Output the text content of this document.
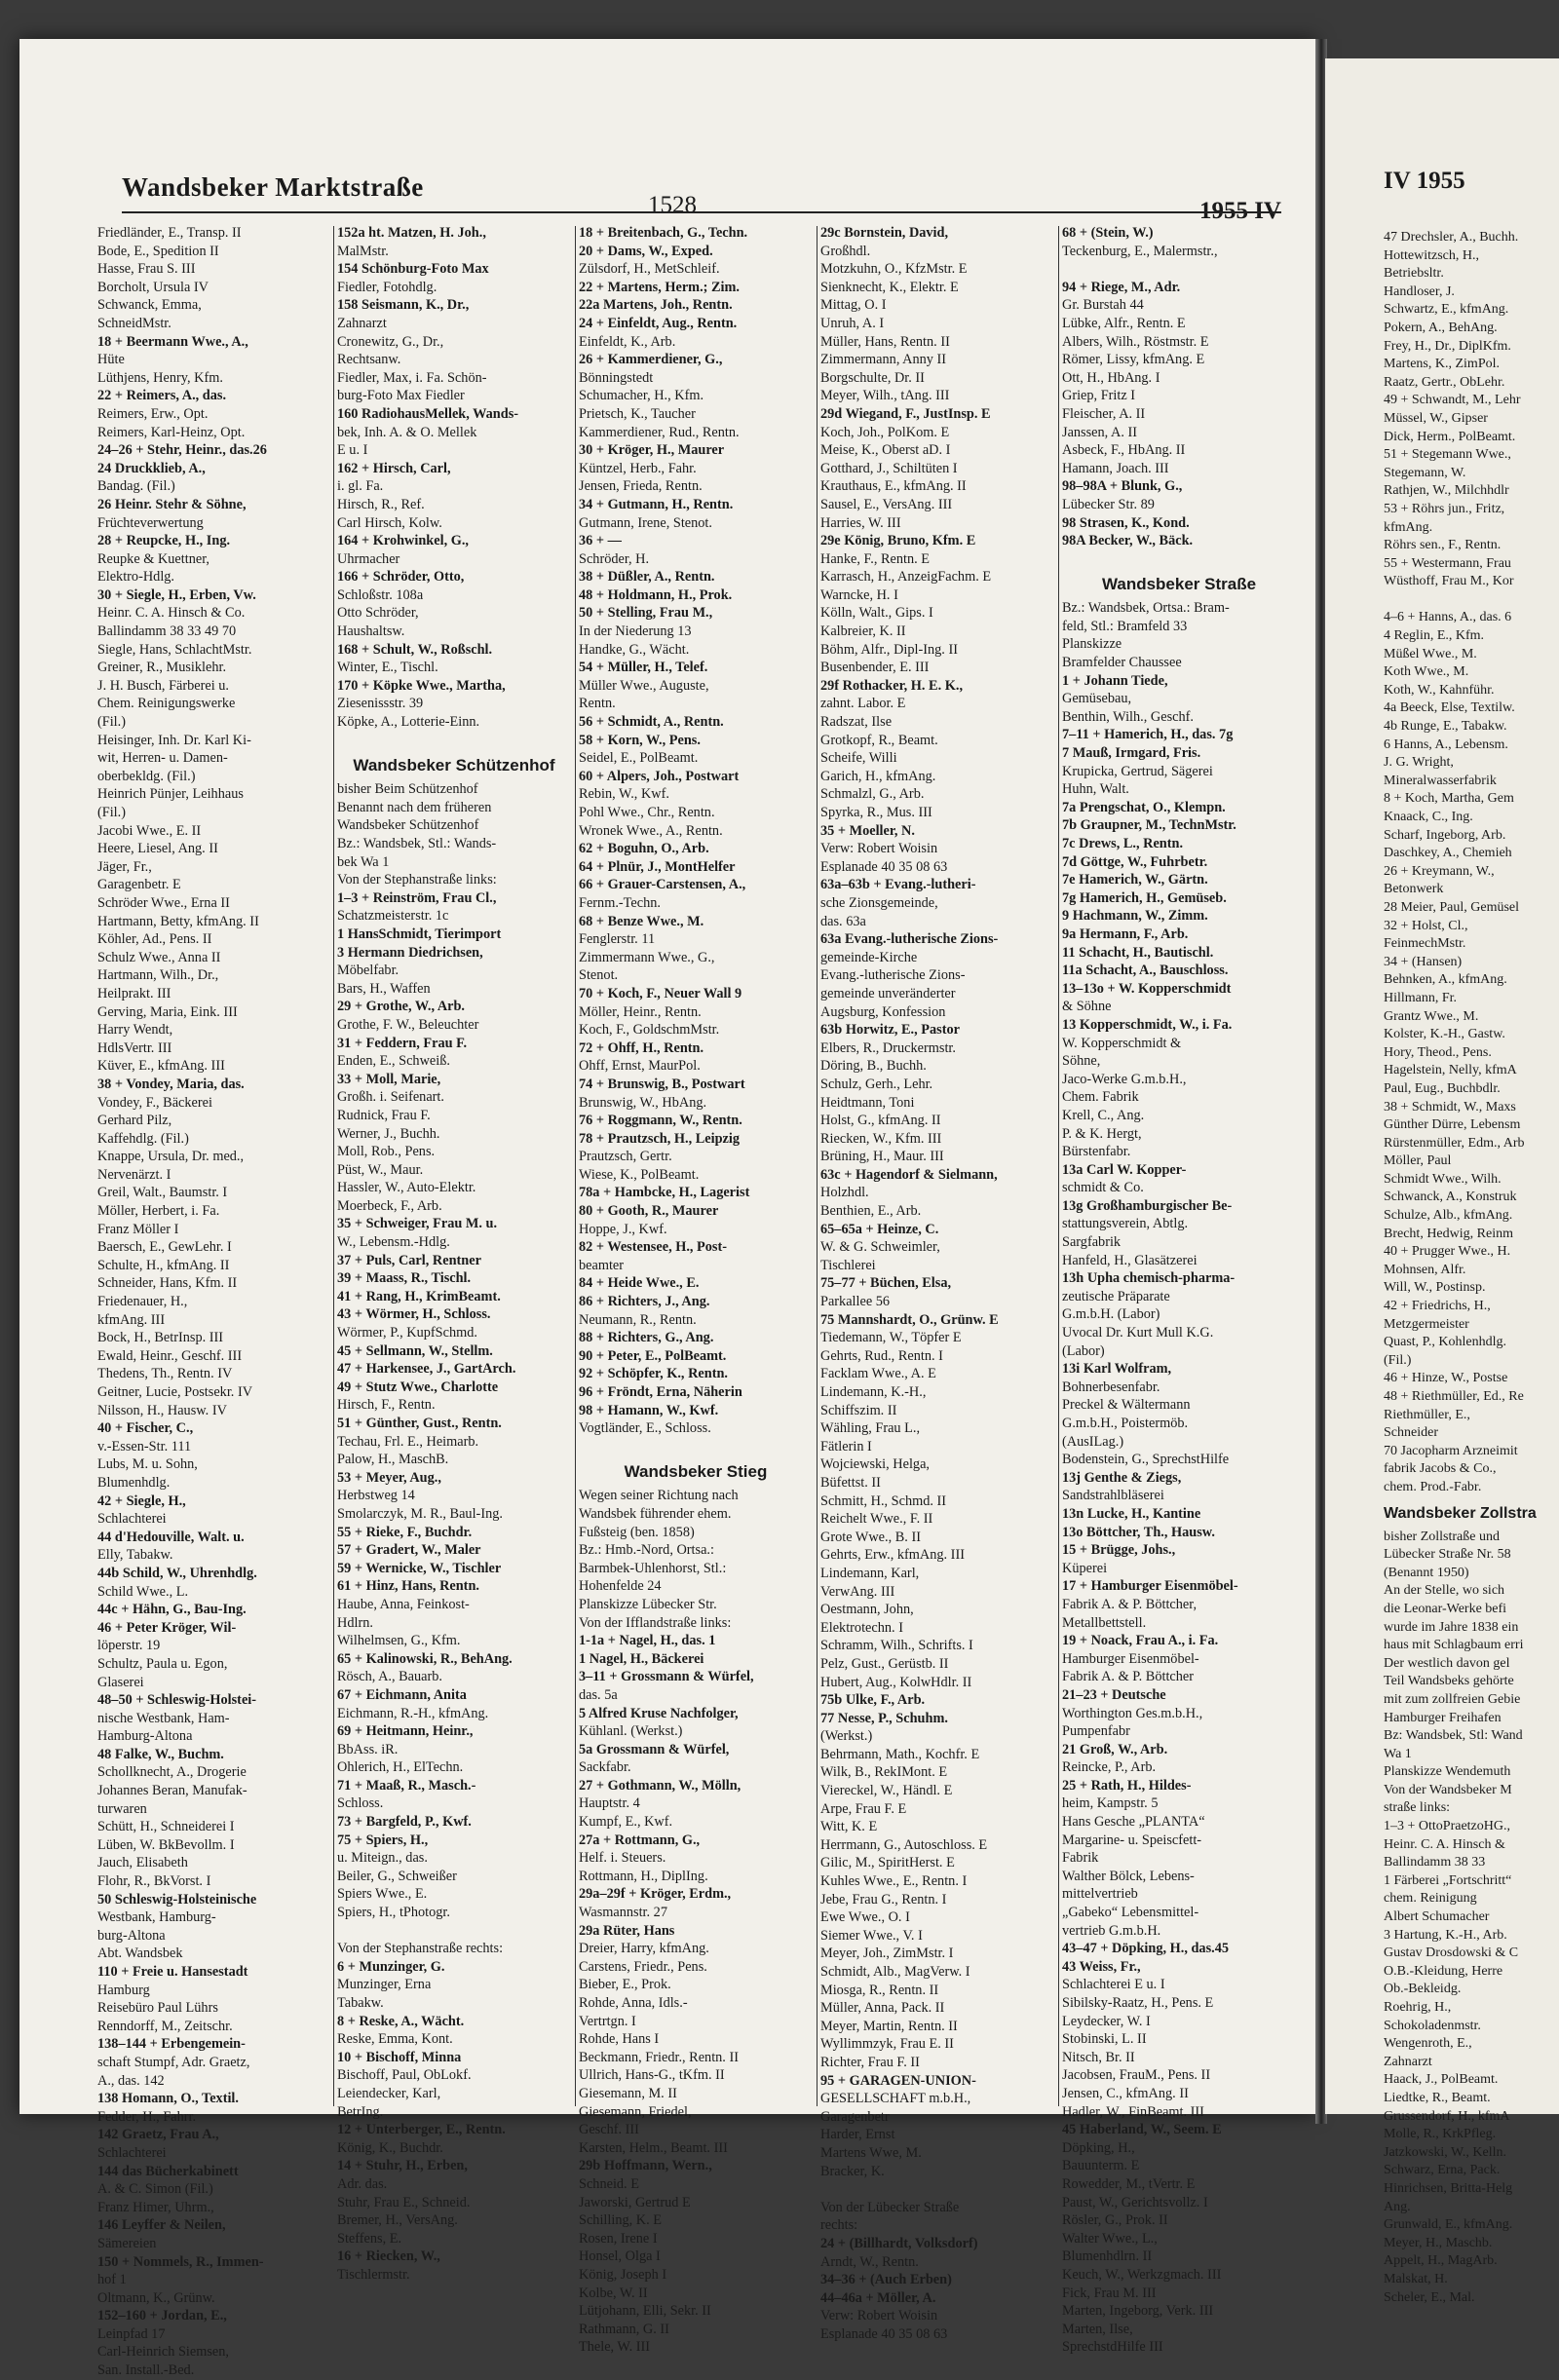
Wandsbeker Marktstraße
1528	1955 IV
Friedländer, E., Transp. II
Bode, E., Spedition II
Hasse, Frau S. III
Borcholt, Ursula IV
Schwanck, Emma,
SchneidMstr.
18 + Beermann Wwe., A.,
Hüte
Lüthjens, Henry, Kfm.
22 + Reimers, A., das.
Reimers, Erw., Opt.
Reimers, Karl-Heinz, Opt.
24–26 + Stehr, Heinr., das.26
24 Druckklieb, A.,
Bandag. (Fil.)
26 Heinr. Stehr & Söhne,
Früchteverwertung
28 + Reupcke, H., Ing.
Reupke & Kuettner,
Elektro-Hdlg.
30 + Siegle, H., Erben, Vw.
Heinr. C. A. Hinsch & Co.
Ballindamm 38 33 49 70
Siegle, Hans, SchlachtMstr.
Greiner, R., Musiklehr.
J. H. Busch, Färberei u.
Chem. Reinigungswerke
(Fil.)
Heisinger, Inh. Dr. Karl Ki-
wit, Herren- u. Damen-
oberbekldg. (Fil.)
Heinrich Pünjer, Leihhaus
(Fil.)
Jacobi Wwe., E. II
Heere, Liesel, Ang. II
Jäger, Fr.,
Garagenbetr. E
Schröder Wwe., Erna II
Hartmann, Betty, kfmAng. II
Köhler, Ad., Pens. II
Schulz Wwe., Anna II
Hartmann, Wilh., Dr.,
Heilprakt. III
Gerving, Maria, Eink. III
Harry Wendt,
HdlsVertr. III
Küver, E., kfmAng. III
38 + Vondey, Maria, das.
Vondey, F., Bäckerei
Gerhard Pilz,
Kaffehdlg. (Fil.)
Knappe, Ursula, Dr. med.,
Nervenärzt. I
Greil, Walt., Baumstr. I
Möller, Herbert, i. Fa.
Franz Möller I
Baersch, E., GewLehr. I
Schulte, H., kfmAng. II
Schneider, Hans, Kfm. II
Friedenauer, H.,
kfmAng. III
Bock, H., BetrInsp. III
Ewald, Heinr., Geschf. III
Thedens, Th., Rentn. IV
Geitner, Lucie, Postsekr. IV
Nilsson, H., Hausw. IV
40 + Fischer, C.,
v.-Essen-Str. 111
Lubs, M. u. Sohn,
Blumenhdlg.
42 + Siegle, H.,
Schlachterei
44 d'Hedouville, Walt. u.
Elly, Tabakw.
44b Schild, W., Uhrenhdlg.
Schild Wwe., L.
44c + Hähn, G., Bau-Ing.
46 + Peter Kröger, Wil-
löperstr. 19
Schultz, Paula u. Egon,
Glaserei
48–50 + Schleswig-Holstei-
nische Westbank, Ham-
Hamburg-Altona
48 Falke, W., Buchm.
Schollknecht, A., Drogerie
Johannes Beran, Manufak-
turwaren
Schütt, H., Schneiderei I
Lüben, W. BkBevollm. I
Jauch, Elisabeth
Flohr, R., BkVorst. I
50 Schleswig-Holsteinische
Westbank, Hamburg-
burg-Altona
Abt. Wandsbek
110 + Freie u. Hansestadt
Hamburg
Reisebüro Paul Lührs
Renndorff, M., Zeitschr.
138–144 + Erbengemein-
schaft Stumpf, Adr. Graetz,
A., das. 142
138 Homann, O., Textil.
Fedder, H., Fahrr.
142 Graetz, Frau A.,
Schlachterei
144 das Bücherkabinett
A. & C. Simon (Fil.)
Franz Himer, Uhrm.,
146 Leyffer & Neilen,
Sämereien
150 + Nommels, R., Immen-
hof 1
Oltmann, K., Grünw.
152–160 + Jordan, E.,
Leinpfad 17
Carl-Heinrich Siemsen,
San. Install.-Bed.
152a ht. Matzen, H. Joh.,
MalMstr.
154 Schönburg-Foto Max
Fiedler, Fotohdlg.
158 Seismann, K., Dr.,
Zahnarzt
Cronewitz, G., Dr.,
Rechtsanw.
Fiedler, Max, i. Fa. Schön-
burg-Foto Max Fiedler
160 RadiohausMellek, Wands-
bek, Inh. A. & O. Mellek
E u. I
162 + Hirsch, Carl,
i. gl. Fa.
Hirsch, R., Ref.
Carl Hirsch, Kolw.
164 + Krohwinkel, G.,
Uhrmacher
166 + Schröder, Otto,
Schloßstr. 108a
Otto Schröder,
Haushaltsw.
168 + Schult, W., Roßschl.
Winter, E., Tischl.
170 + Köpke Wwe., Martha,
Ziesenissstr. 39
Köpke, A., Lotterie-Einn.
Wandsbeker Schützenhof
bisher Beim Schützenhof
Benannt nach dem früheren
Wandsbeker Schützenhof
Bz.: Wandsbek, Stl.: Wands-
bek Wa 1
Von der Stephanstraße links:
1–3 + Reinström, Frau Cl.,
Schatzmeisterstr. 1c
1 HansSchmidt, Tierimport
3 Hermann Diedrichsen,
Möbelfabr.
Bars, H., Waffen
29 + Grothe, W., Arb.
Grothe, F. W., Beleuchter
31 + Feddern, Frau F.
Enden, E., Schweiß.
33 + Moll, Marie,
Großh. i. Seifenart.
Rudnick, Frau F.
Werner, J., Buchh.
Moll, Rob., Pens.
Püst, W., Maur.
Hassler, W., Auto-Elektr.
Moerbeck, F., Arb.
35 + Schweiger, Frau M. u.
W., Lebensm.-Hdlg.
37 + Puls, Carl, Rentner
39 + Maass, R., Tischl.
41 + Rang, H., KrimBeamt.
43 + Wörmer, H., Schloss.
Wörmer, P., KupfSchmd.
45 + Sellmann, W., Stellm.
47 + Harkensee, J., GartArch.
49 + Stutz Wwe., Charlotte
Hirsch, F., Rentn.
51 + Günther, Gust., Rentn.
Techau, Frl. E., Heimarb.
Palow, H., MaschB.
53 + Meyer, Aug.,
Herbstweg 14
Smolarczyk, M. R., Baul-Ing.
55 + Rieke, F., Buchdr.
57 + Gradert, W., Maler
59 + Wernicke, W., Tischler
61 + Hinz, Hans, Rentn.
Haube, Anna, Feinkost-
Hdlrn.
Wilhelmsen, G., Kfm.
65 + Kalinowski, R., BehAng.
Rösch, A., Bauarb.
67 + Eichmann, Anita
Eichmann, R.-H., kfmAng.
69 + Heitmann, Heinr.,
BbAss. iR.
Ohlerich, H., ElTechn.
71 + Maaß, R., Masch.-
Schloss.
73 + Bargfeld, P., Kwf.
75 + Spiers, H.,
u. Miteign., das.
Beiler, G., Schweißer
Spiers Wwe., E.
Spiers, H., tPhotogr.
Von der Stephanstraße rechts:
6 + Munzinger, G.
Munzinger, Erna
Tabakw.
8 + Reske, A., Wächt.
Reske, Emma, Kont.
10 + Bischoff, Minna
Bischoff, Paul, ObLokf.
Leiendecker, Karl,
BetrIng.
12 + Unterberger, E., Rentn.
König, K., Buchdr.
14 + Stuhr, H., Erben,
Adr. das.
Stuhr, Frau E., Schneid.
Bremer, H., VersAng.
Steffens, E.
16 + Riecken, W.,
Tischlermstr.
18 + Breitenbach, G., Techn.
20 + Dams, W., Exped.
Zülsdorf, H., MetSchleif.
22 + Martens, Herm.; Zim.
22a Martens, Joh., Rentn.
24 + Einfeldt, Aug., Rentn.
Einfeldt, K., Arb.
26 + Kammerdiener, G.,
Bönningstedt
Schumacher, H., Kfm.
Prietsch, K., Taucher
Kammerdiener, Rud., Rentn.
30 + Kröger, H., Maurer
Küntzel, Herb., Fahr.
Jensen, Frieda, Rentn.
34 + Gutmann, H., Rentn.
Gutmann, Irene, Stenot.
36 + —
Schröder, H.
38 + Düßler, A., Rentn.
48 + Holdmann, H., Prok.
50 + Stelling, Frau M.,
In der Niederung 13
Handke, G., Wächt.
54 + Müller, H., Telef.
Müller Wwe., Auguste,
Rentn.
56 + Schmidt, A., Rentn.
58 + Korn, W., Pens.
Seidel, E., PolBeamt.
60 + Alpers, Joh., Postwart
Rebin, W., Kwf.
Pohl Wwe., Chr., Rentn.
Wronek Wwe., A., Rentn.
62 + Boguhn, O., Arb.
64 + Plnür, J., MontHelfer
66 + Grauer-Carstensen, A.,
Fernm.-Techn.
68 + Benze Wwe., M.
Fenglerstr. 11
Zimmermann Wwe., G.,
Stenot.
70 + Koch, F., Neuer Wall 9
Möller, Heinr., Rentn.
Koch, F., GoldschmMstr.
72 + Ohff, H., Rentn.
Ohff, Ernst, MaurPol.
74 + Brunswig, B., Postwart
Brunswig, W., HbAng.
76 + Roggmann, W., Rentn.
78 + Prautzsch, H., Leipzig
Prautzsch, Gertr.
Wiese, K., PolBeamt.
78a + Hambcke, H., Lagerist
80 + Gooth, R., Maurer
Hoppe, J., Kwf.
82 + Westensee, H., Post-
beamter
84 + Heide Wwe., E.
86 + Richters, J., Ang.
Neumann, R., Rentn.
88 + Richters, G., Ang.
90 + Peter, E., PolBeamt.
92 + Schöpfer, K., Rentn.
96 + Fröndt, Erna, Näherin
98 + Hamann, W., Kwf.
Vogtländer, E., Schloss.
Wandsbeker Stieg
Wegen seiner Richtung nach
Wandsbek führender ehem.
Fußsteig (ben. 1858)
Bz.: Hmb.-Nord, Ortsa.:
Barmbek-Uhlenhorst, Stl.:
Hohenfelde 24
Planskizze Lübecker Str.
Von der Ifflandstraße links:
1-1a + Nagel, H., das. 1
1 Nagel, H., Bäckerei
3–11 + Grossmann & Würfel,
das. 5a
5 Alfred Kruse Nachfolger,
Kühlanl. (Werkst.)
5a Grossmann & Würfel,
Sackfabr.
27 + Gothmann, W., Mölln,
Hauptstr. 4
Kumpf, E., Kwf.
27a + Rottmann, G.,
Helf. i. Steuers.
Rottmann, H., DiplIng.
29a–29f + Kröger, Erdm.,
Wasmannstr. 27
29a Rüter, Hans
Dreier, Harry, kfmAng.
Carstens, Friedr., Pens.
Bieber, E., Prok.
Rohde, Anna, Idls.-
Vertrtgn. I
Rohde, Hans I
Beckmann, Friedr., Rentn. II
Ullrich, Hans-G., tKfm. II
Giesemann, M. II
Giesemann, Friedel,
Geschf. III
Karsten, Helm., Beamt. III
29b Hoffmann, Wern.,
Schneid. E
Jaworski, Gertrud E
Schilling, K. E
Rosen, Irene I
Honsel, Olga I
König, Joseph I
Kolbe, W. II
Lütjohann, Elli, Sekr. II
Rathmann, G. II
Thele, W. III
29c Bornstein, David,
Großhdl.
Motzkuhn, O., KfzMstr. E
Sienknecht, K., Elektr. E
Mittag, O. I
Unruh, A. I
Müller, Hans, Rentn. II
Zimmermann, Anny II
Borgschulte, Dr. II
Meyer, Wilh., tAng. III
29d Wiegand, F., JustInsp. E
Koch, Joh., PolKom. E
Meise, K., Oberst aD. I
Gotthard, J., Schiltüten I
Krauthaus, E., kfmAng. II
Sausel, E., VersAng. III
Harries, W. III
29e König, Bruno, Kfm. E
Hanke, F., Rentn. E
Karrasch, H., AnzeigFachm. E
Warncke, H. I
Kölln, Walt., Gips. I
Kalbreier, K. II
Böhm, Alfr., Dipl-Ing. II
Busenbender, E. III
29f Rothacker, H. E. K.,
zahnt. Labor. E
Radszat, Ilse
Grotkopf, R., Beamt.
Scheife, Willi
Garich, H., kfmAng.
Schmalzl, G., Arb.
Spyrka, R., Mus. III
35 + Moeller, N.
Verw: Robert Woisin
Esplanade 40 35 08 63
63a–63b + Evang.-lutheri-
sche Zionsgemeinde,
das. 63a
63a Evang.-lutherische Zions-
gemeinde-Kirche
Evang.-lutherische Zions-
gemeinde unveränderter
Augsburg, Konfession
63b Horwitz, E., Pastor
Elbers, R., Druckermstr.
Döring, B., Buchh.
Schulz, Gerh., Lehr.
Heidtmann, Toni
Holst, G., kfmAng. II
Riecken, W., Kfm. III
Brüning, H., Maur. III
63c + Hagendorf & Sielmann,
Holzhdl.
Benthien, E., Arb.
65–65a + Heinze, C.
W. & G. Schweimler,
Tischlerei
75–77 + Büchen, Elsa,
Parkallee 56
75 Mannshardt, O., Grünw. E
Tiedemann, W., Töpfer E
Gehrts, Rud., Rentn. I
Facklam Wwe., A. E
Lindemann, K.-H.,
Schiffszim. II
Wähling, Frau L.,
Fätlerin I
Wojciewski, Helga,
Büfettst. II
Schmitt, H., Schmd. II
Reichelt Wwe., F. II
Grote Wwe., B. II
Gehrts, Erw., kfmAng. III
Lindemann, Karl,
VerwAng. III
Oestmann, John,
Elektrotechn. I
Schramm, Wilh., Schrifts. I
Pelz, Gust., Gerüstb. II
Hubert, Aug., KolwHdlr. II
75b Ulke, F., Arb.
77 Nesse, P., Schuhm.
(Werkst.)
Behrmann, Math., Kochfr. E
Wilk, B., RekIMont. E
Viereckel, W., Händl. E
Arpe, Frau F. E
Witt, K. E
Herrmann, G., Autoschloss. E
Gilic, M., SpiritHerst. E
Kuhles Wwe., E., Rentn. I
Jebe, Frau G., Rentn. I
Ewe Wwe., O. I
Siemer Wwe., V. I
Meyer, Joh., ZimMstr. I
Schmidt, Alb., MagVerw. I
Miosga, R., Rentn. II
Müller, Anna, Pack. II
Meyer, Martin, Rentn. II
Wyllimmzyk, Frau E. II
Richter, Frau F. II
95 + GARAGEN-UNION-
GESELLSCHAFT m.b.H.,
Garagenbetr
Harder, Ernst
Martens Wwe, M.
Bracker, K.
Von der Lübecker Straße
rechts:
24 + (Billhardt, Volksdorf)
Arndt, W., Rentn.
34–36 + (Auch Erben)
44–46a + Möller, A.
Verw: Robert Woisin
Esplanade 40 35 08 63
68 + (Stein, W.)
Teckenburg, E., Malermstr.,
94 + Riege, M., Adr.
Gr. Burstah 44
Lübke, Alfr., Rentn. E
Albers, Wilh., Röstmstr. E
Römer, Lissy, kfmAng. E
Ott, H., HbAng. I
Griep, Fritz I
Fleischer, A. II
Janssen, A. II
Asbeck, F., HbAng. II
Hamann, Joach. III
98–98A + Blunk, G.,
Lübecker Str. 89
98 Strasen, K., Kond.
98A Becker, W., Bäck.
Wandsbeker Straße
Bz.: Wandsbek, Ortsa.: Bram-
feld, Stl.: Bramfeld 33
Planskizze
Bramfelder Chaussee
1 + Johann Tiede,
Gemüsebau,
Benthin, Wilh., Geschf.
7–11 + Hamerich, H., das. 7g
7 Mauß, Irmgard, Fris.
Krupicka, Gertrud, Sägerei
Huhn, Walt.
7a Prengschat, O., Klempn.
7b Graupner, M., TechnMstr.
7c Drews, L., Rentn.
7d Göttge, W., Fuhrbetr.
7e Hamerich, W., Gärtn.
7g Hamerich, H., Gemüseb.
9 Hachmann, W., Zimm.
9a Hermann, F., Arb.
11 Schacht, H., Bautischl.
11a Schacht, A., Bauschloss.
13–13o + W. Kopperschmidt
& Söhne
13 Kopperschmidt, W., i. Fa.
W. Kopperschmidt &
Söhne,
Jaco-Werke G.m.b.H.,
Chem. Fabrik
Krell, C., Ang.
P. & K. Hergt,
Bürstenfabr.
13a Carl W. Kopper-
schmidt & Co.
13g Großhamburgischer Be-
stattungsverein, Abtlg.
Sargfabrik
Hanfeld, H., Glasätzerei
13h Upha chemisch-pharma-
zeutische Präparate
G.m.b.H. (Labor)
Uvocal Dr. Kurt Mull K.G.
(Labor)
13i Karl Wolfram,
Bohnerbesenfabr.
Preckel & Wältermann
G.m.b.H., Poistermöb.
(AusILag.)
Bodenstein, G., SprechstHilfe
13j Genthe & Ziegs,
Sandstrahlbläserei
13n Lucke, H., Kantine
13o Böttcher, Th., Hausw.
15 + Brügge, Johs.,
Küperei
17 + Hamburger Eisenmöbel-
Fabrik A. & P. Böttcher,
Metallbettstell.
19 + Noack, Frau A., i. Fa.
Hamburger Eisenmöbel-
Fabrik A. & P. Böttcher
21–23 + Deutsche
Worthington Ges.m.b.H.,
Pumpenfabr
21 Groß, W., Arb.
Reincke, P., Arb.
25 + Rath, H., Hildes-
heim, Kampstr. 5
Hans Gesche „PLANTA“
Margarine- u. Speiscfett-
Fabrik
Walther Bölck, Lebens-
mittelvertrieb
„Gabeko“ Lebensmittel-
vertrieb G.m.b.H.
43–47 + Döpking, H., das.45
43 Weiss, Fr.,
Schlachterei E u. I
Sibilsky-Raatz, H., Pens. E
Leydecker, W. I
Stobinski, L. II
Nitsch, Br. II
Jacobsen, FrauM., Pens. II
Jensen, C., kfmAng. II
Hadler, W., FinBeamt. III
45 Haberland, W., Seem. E
Döpking, H.,
Bauunterm. E
Rowedder, M., tVertr. E
Paust, W., Gerichtsvollz. I
Rösler, G., Prok. II
Walter Wwe., L.,
Blumenhdlrn. II
Keuch, W., Werkzgmach. III
Fick, Frau M. III
Marten, Ingeborg, Verk. III
Marten, Ilse,
SprechstdHilfe III
IV 1955
47 Drechsler, A., Buchh.
Hottewitzsch, H.,
Betriebsltr.
Handloser, J.
Schwartz, E., kfmAng.
Pokern, A., BehAng.
Frey, H., Dr., DiplKfm.
Martens, K., ZimPol.
Raatz, Gertr., ObLehr.
49 + Schwandt, M., Lehr
Müssel, W., Gipser
Dick, Herm., PolBeamt.
51 + Stegemann Wwe.,
Stegemann, W.
Rathjen, W., Milchhdlr
53 + Röhrs jun., Fritz,
kfmAng.
Röhrs sen., F., Rentn.
55 + Westermann, Frau
Wüsthoff, Frau M., Kor
4–6 + Hanns, A., das. 6
4 Reglin, E., Kfm.
Müßel Wwe., M.
Koth Wwe., M.
Koth, W., Kahnführ.
4a Beeck, Else, Textilw.
4b Runge, E., Tabakw.
6 Hanns, A., Lebensm.
J. G. Wright,
Mineralwasserfabrik
8 + Koch, Martha, Gem
Knaack, C., Ing.
Scharf, Ingeborg, Arb.
Daschkey, A., Chemieh
26 + Kreymann, W.,
Betonwerk
28 Meier, Paul, Gemüsel
32 + Holst, Cl.,
FeinmechMstr.
34 + (Hansen)
Behnken, A., kfmAng.
Hillmann, Fr.
Grantz Wwe., M.
Kolster, K.-H., Gastw.
Hory, Theod., Pens.
Hagelstein, Nelly, kfmA
Paul, Eug., Buchbdlr.
38 + Schmidt, W., Maxs
Günther Dürre, Lebensm
Rürstenmüller, Edm., Arb
Möller, Paul
Schmidt Wwe., Wilh.
Schwanck, A., Konstruk
Schulze, Alb., kfmAng.
Brecht, Hedwig, Reinm
40 + Prugger Wwe., H.
Mohnsen, Alfr.
Will, W., Postinsp.
42 + Friedrichs, H.,
Metzgermeister
Quast, P., Kohlenhdlg.
(Fil.)
46 + Hinze, W., Postse
48 + Riethmüller, Ed., Re
Riethmüller, E.,
Schneider
70 Jacopharm Arzneimit
fabrik Jacobs & Co.,
chem. Prod.-Fabr.
Wandsbeker Zollstra
bisher Zollstraße und
Lübecker Straße Nr. 58
(Benannt 1950)
An der Stelle, wo sich
die Leonar-Werke befi
wurde im Jahre 1838 ein
haus mit Schlagbaum erri
Der westlich davon gel
Teil Wandsbeks gehörte
mit zum zollfreien Gebie
Hamburger Freihafen
Bz: Wandsbek, Stl: Wand
Wa 1
Planskizze Wendemuth
Von der Wandsbeker M
straße links:
1–3 + OttoPraetzoHG.,
Heinr. C. A. Hinsch &
Ballindamm 38 33
1 Färberei „Fortschritt“
chem. Reinigung
Albert Schumacher
3 Hartung, K.-H., Arb.
Gustav Drosdowski & C
O.B.-Kleidung, Herre
Ob.-Bekleidg.
Roehrig, H.,
Schokoladenmstr.
Wengenroth, E.,
Zahnarzt
Haack, J., PolBeamt.
Liedtke, R., Beamt.
Grussendorf, H., kfmA
Molle, R., KrkPfleg.
Jatzkowski, W., Kelln.
Schwarz, Erna, Pack.
Hinrichsen, Britta-Helg
Ang.
Grunwald, E., kfmAng.
Meyer, H., Maschb.
Appelt, H., MagArb.
Malskat, H.
Scheler, E., Mal.
